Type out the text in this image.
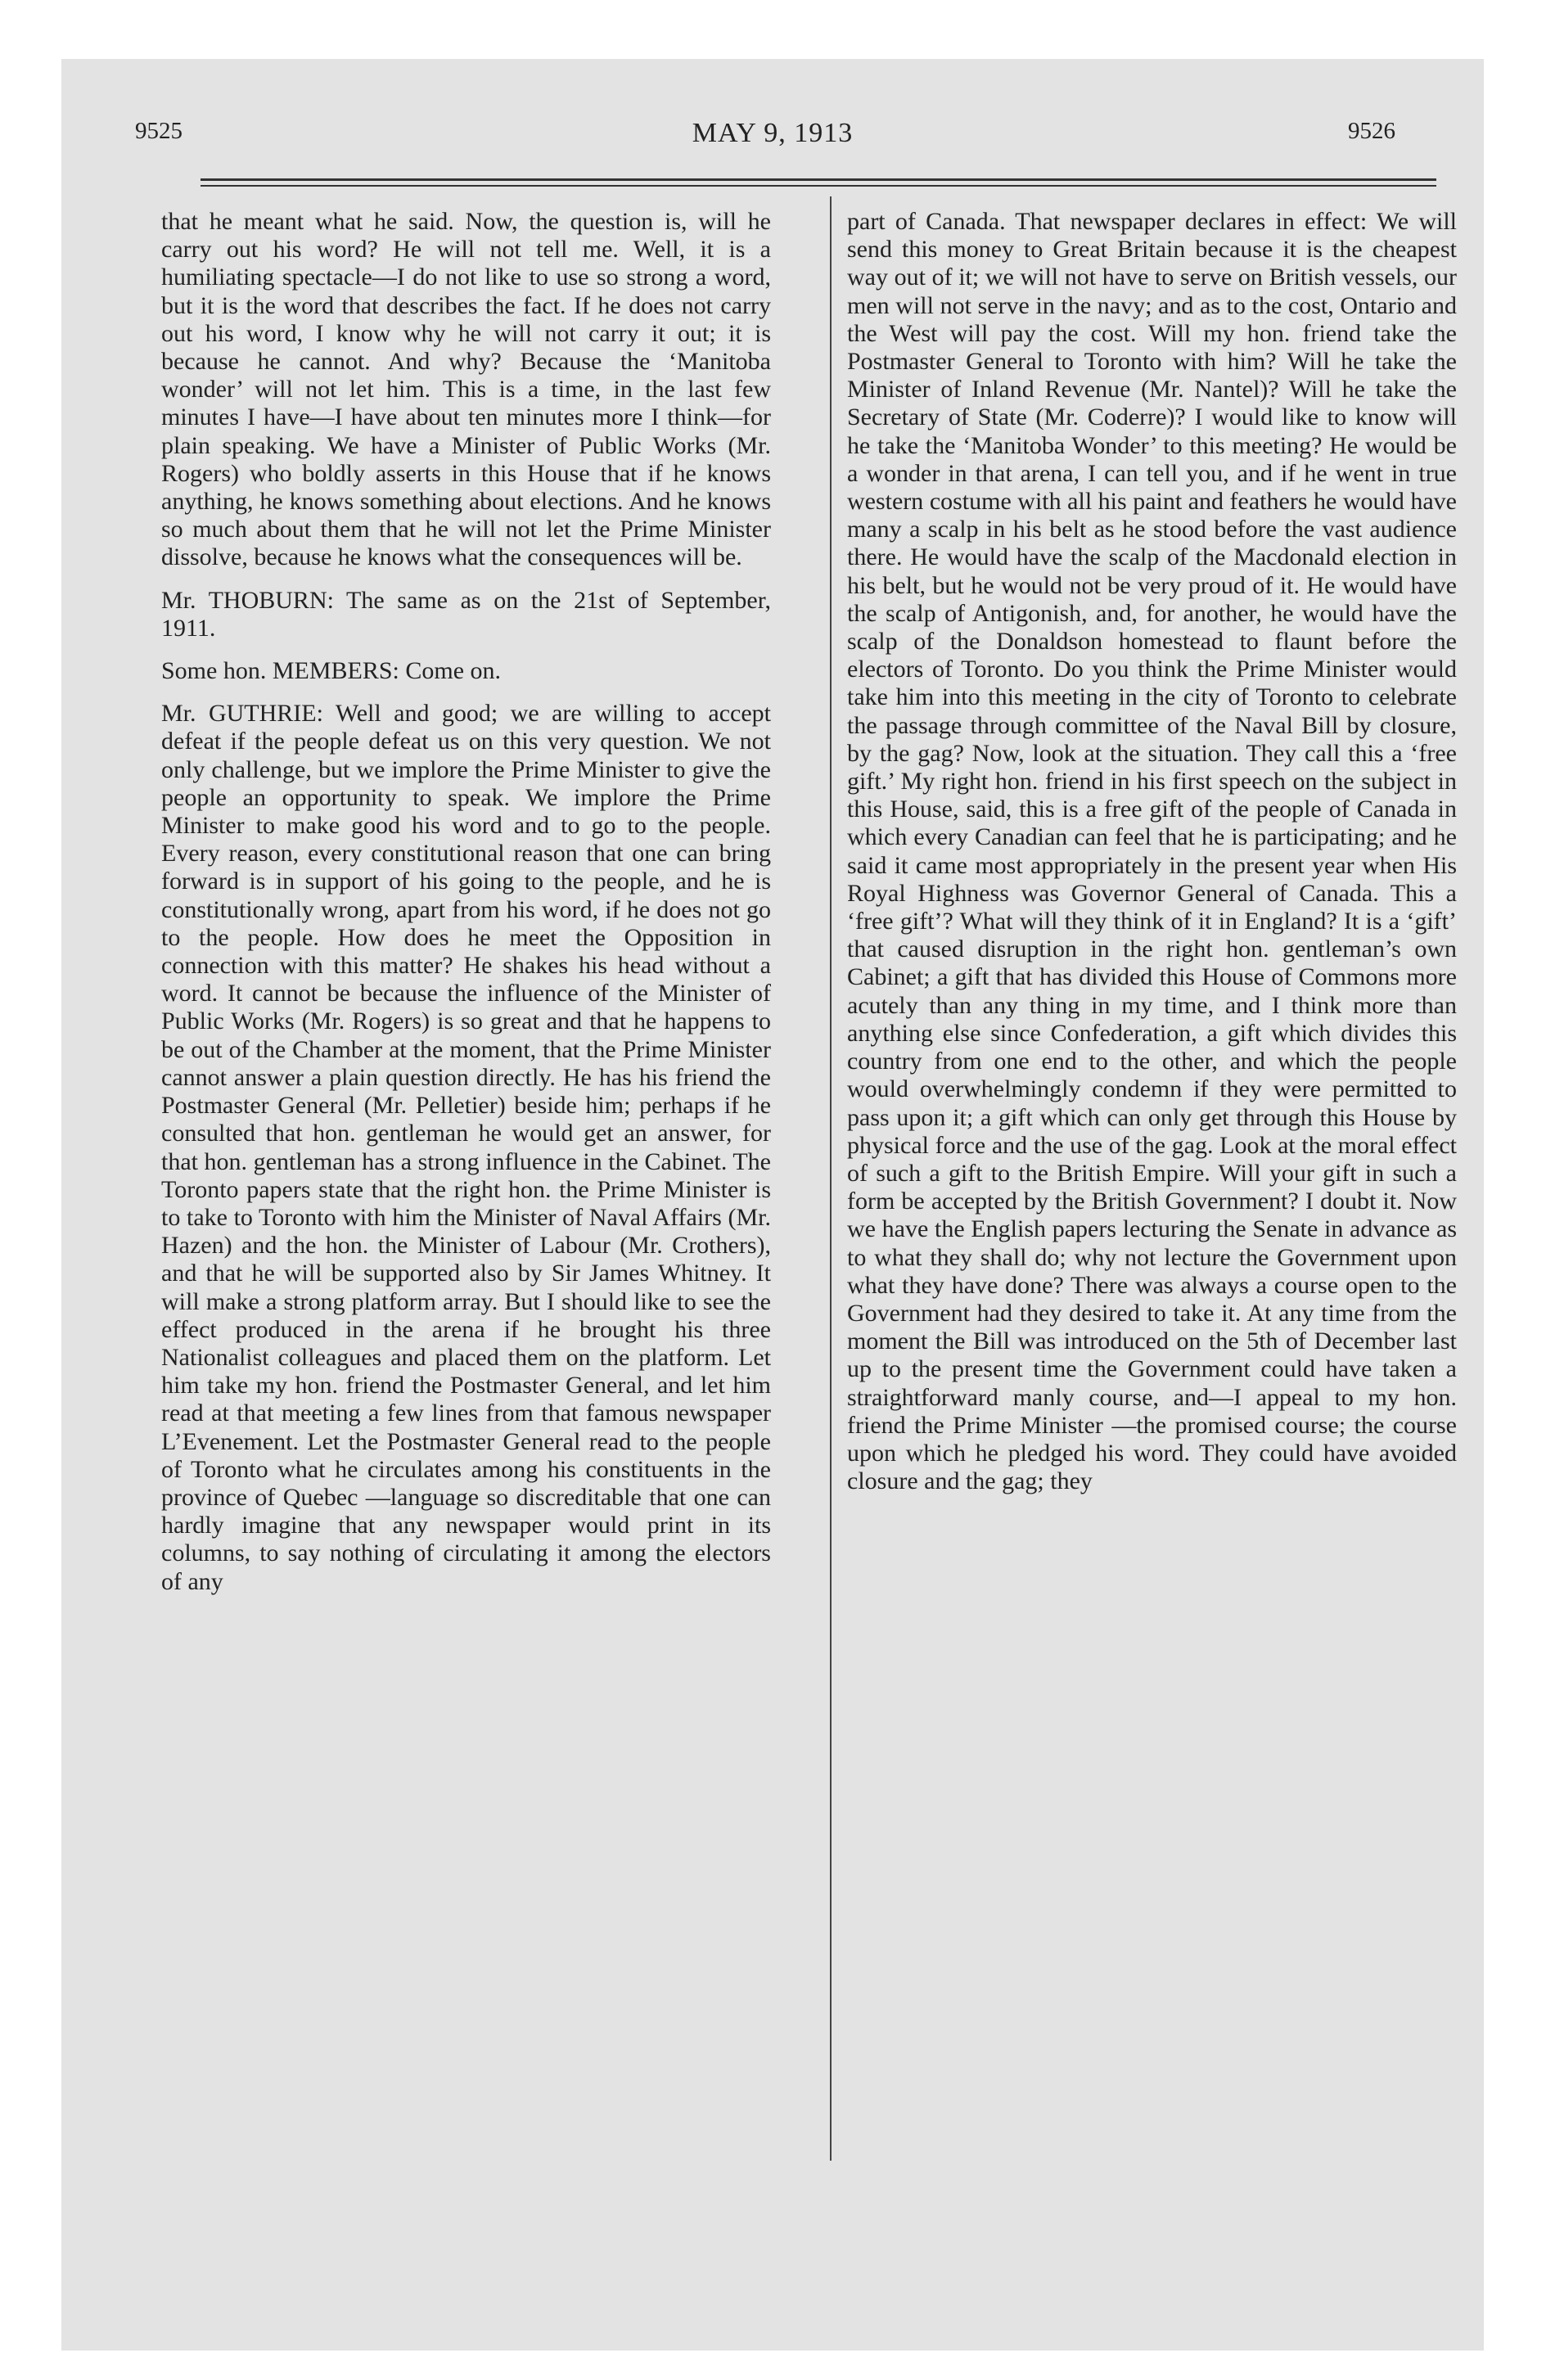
9525	MAY 9, 1913	9526

that he meant what he said. Now, the question is, will he carry out his word? He will not tell me. Well, it is a humiliating spectacle—I do not like to use so strong a word, but it is the word that describes the fact. If he does not carry out his word, I know why he will not carry it out; it is because he cannot. And why? Because the ‘Manitoba wonder’ will not let him. This is a time, in the last few minutes I have—I have about ten minutes more I think—for plain speaking. We have a Minister of Public Works (Mr. Rogers) who boldly asserts in this House that if he knows anything, he knows something about elections. And he knows so much about them that he will not let the Prime Minister dissolve, because he knows what the consequences will be.

Mr. THOBURN: The same as on the 21st of September, 1911.

Some hon. MEMBERS: Come on.

Mr. GUTHRIE: Well and good; we are willing to accept defeat if the people defeat us on this very question. We not only challenge, but we implore the Prime Minister to give the people an opportunity to speak. We implore the Prime Minister to make good his word and to go to the people. Every reason, every constitutional reason that one can bring forward is in support of his going to the people, and he is constitutionally wrong, apart from his word, if he does not go to the people. How does he meet the Opposition in connection with this matter? He shakes his head without a word. It cannot be because the influence of the Minister of Public Works (Mr. Rogers) is so great and that he happens to be out of the Chamber at the moment, that the Prime Minister cannot answer a plain question directly. He has his friend the Postmaster General (Mr. Pelletier) beside him; perhaps if he consulted that hon. gentleman he would get an answer, for that hon. gentleman has a strong influence in the Cabinet. The Toronto papers state that the right hon. the Prime Minister is to take to Toronto with him the Minister of Naval Affairs (Mr. Hazen) and the hon. the Minister of Labour (Mr. Crothers), and that he will be supported also by Sir James Whitney. It will make a strong platform array. But I should like to see the effect produced in the arena if he brought his three Nationalist colleagues and placed them on the platform. Let him take my hon. friend the Postmaster General, and let him read at that meeting a few lines from that famous newspaper L’Evenement. Let the Postmaster General read to the people of Toronto what he circulates among his constituents in the province of Quebec —language so discreditable that one can hardly imagine that any newspaper would print in its columns, to say nothing of circulating it among the electors of any

part of Canada. That newspaper declares in effect: We will send this money to Great Britain because it is the cheapest way out of it; we will not have to serve on British vessels, our men will not serve in the navy; and as to the cost, Ontario and the West will pay the cost. Will my hon. friend take the Postmaster General to Toronto with him? Will he take the Minister of Inland Revenue (Mr. Nantel)? Will he take the Secretary of State (Mr. Coderre)? I would like to know will he take the ‘Manitoba Wonder’ to this meeting? He would be a wonder in that arena, I can tell you, and if he went in true western costume with all his paint and feathers he would have many a scalp in his belt as he stood before the vast audience there. He would have the scalp of the Macdonald election in his belt, but he would not be very proud of it. He would have the scalp of Antigonish, and, for another, he would have the scalp of the Donaldson homestead to flaunt before the electors of Toronto. Do you think the Prime Minister would take him into this meeting in the city of Toronto to celebrate the passage through committee of the Naval Bill by closure, by the gag? Now, look at the situation. They call this a ‘free gift.’ My right hon. friend in his first speech on the subject in this House, said, this is a free gift of the people of Canada in which every Canadian can feel that he is participating; and he said it came most appropriately in the present year when His Royal Highness was Governor General of Canada. This a ‘free gift’? What will they think of it in England? It is a ‘gift’ that caused disruption in the right hon. gentleman’s own Cabinet; a gift that has divided this House of Commons more acutely than any thing in my time, and I think more than anything else since Confederation, a gift which divides this country from one end to the other, and which the people would overwhelmingly condemn if they were permitted to pass upon it; a gift which can only get through this House by physical force and the use of the gag. Look at the moral effect of such a gift to the British Empire. Will your gift in such a form be accepted by the British Government? I doubt it. Now we have the English papers lecturing the Senate in advance as to what they shall do; why not lecture the Government upon what they have done? There was always a course open to the Government had they desired to take it. At any time from the moment the Bill was introduced on the 5th of December last up to the present time the Government could have taken a straightforward manly course, and—I appeal to my hon. friend the Prime Minister —the promised course; the course upon which he pledged his word. They could have avoided closure and the gag; they
